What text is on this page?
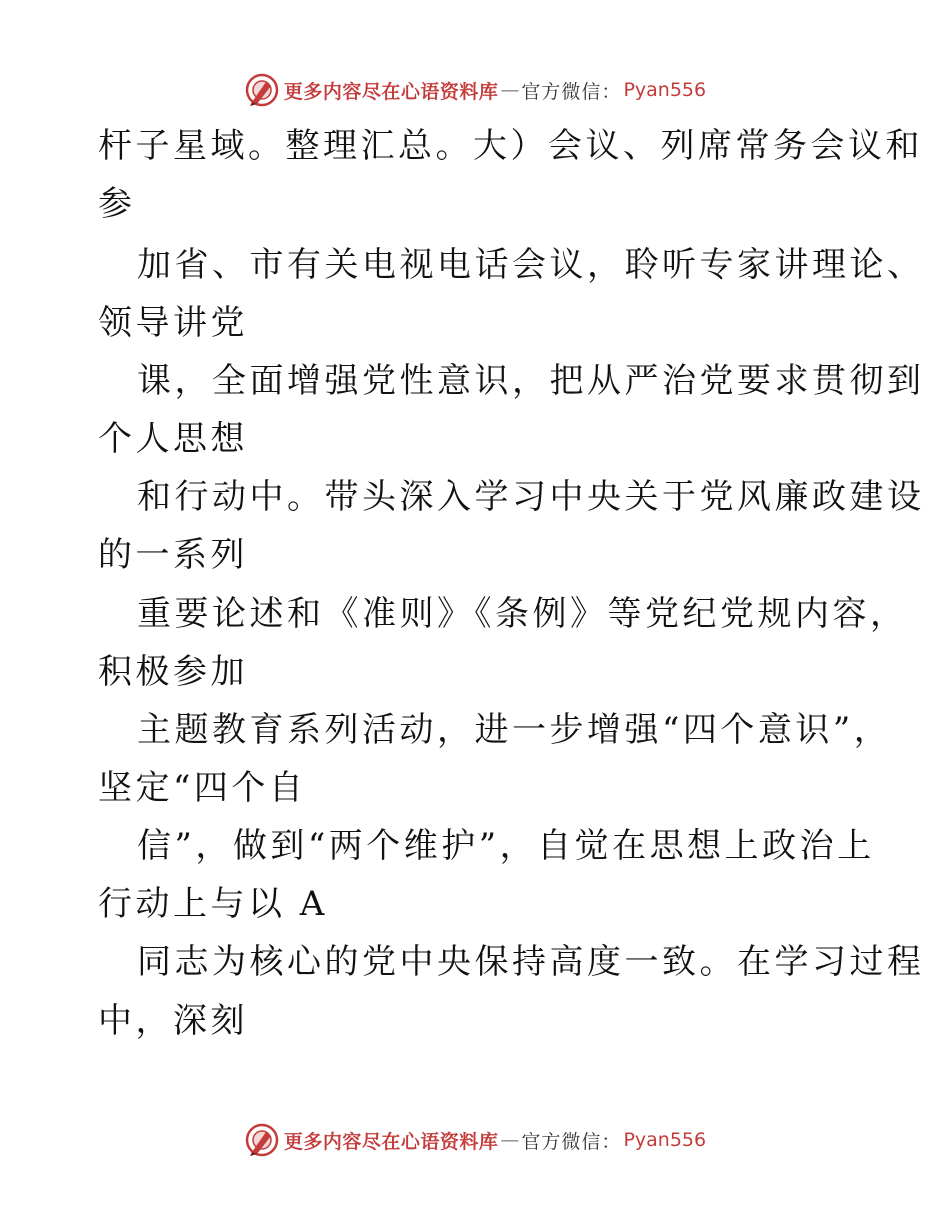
更多内容尽在心语资料库 — 官方微信： Pyan556
杆子星域。整理汇总。大）会议、列席常务会议和
参
加省、市有关电视电话会议，聆听专家讲理论、
领导讲党
课，全面增强党性意识，把从严治党要求贯彻到
个人思想
和行动中。带头深入学习中央关于党风廉政建设
的一系列
重要论述和《准则》《条例》等党纪党规内容，
积极参加
主题教育系列活动，进一步增强“四个意识”，
坚定“四个自
信”，做到“两个维护”，自觉在思想上政治上
行动上与以 A
同志为核心的党中央保持高度一致。在学习过程
中，深刻
更多内容尽在心语资料库 — 官方微信： Pyan556
